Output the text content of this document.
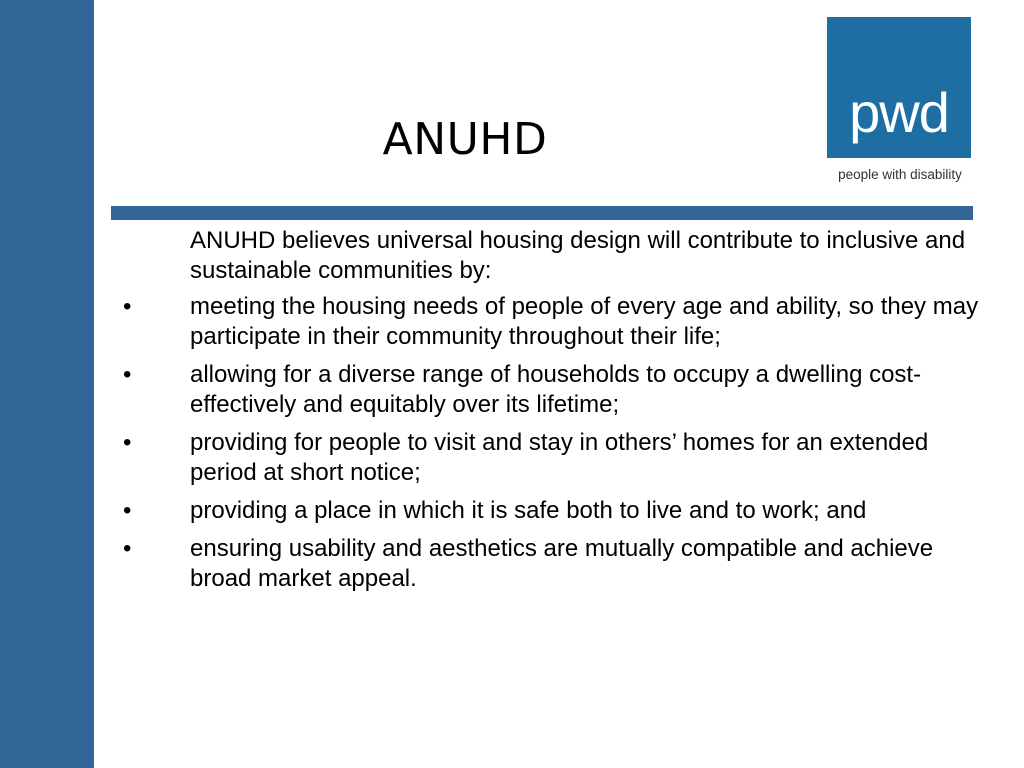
ANUHD	pwd
people with disability
ANUHD believes universal housing design will contribute to inclusive and sustainable communities by:
• meeting the housing needs of people of every age and ability, so they may participate in their community throughout their life;
• allowing for a diverse range of households to occupy a dwelling cost-effectively and equitably over its lifetime;
• providing for people to visit and stay in others’ homes for an extended period at short notice;
• providing a place in which it is safe both to live and to work; and
• ensuring usability and aesthetics are mutually compatible and achieve broad market appeal.
